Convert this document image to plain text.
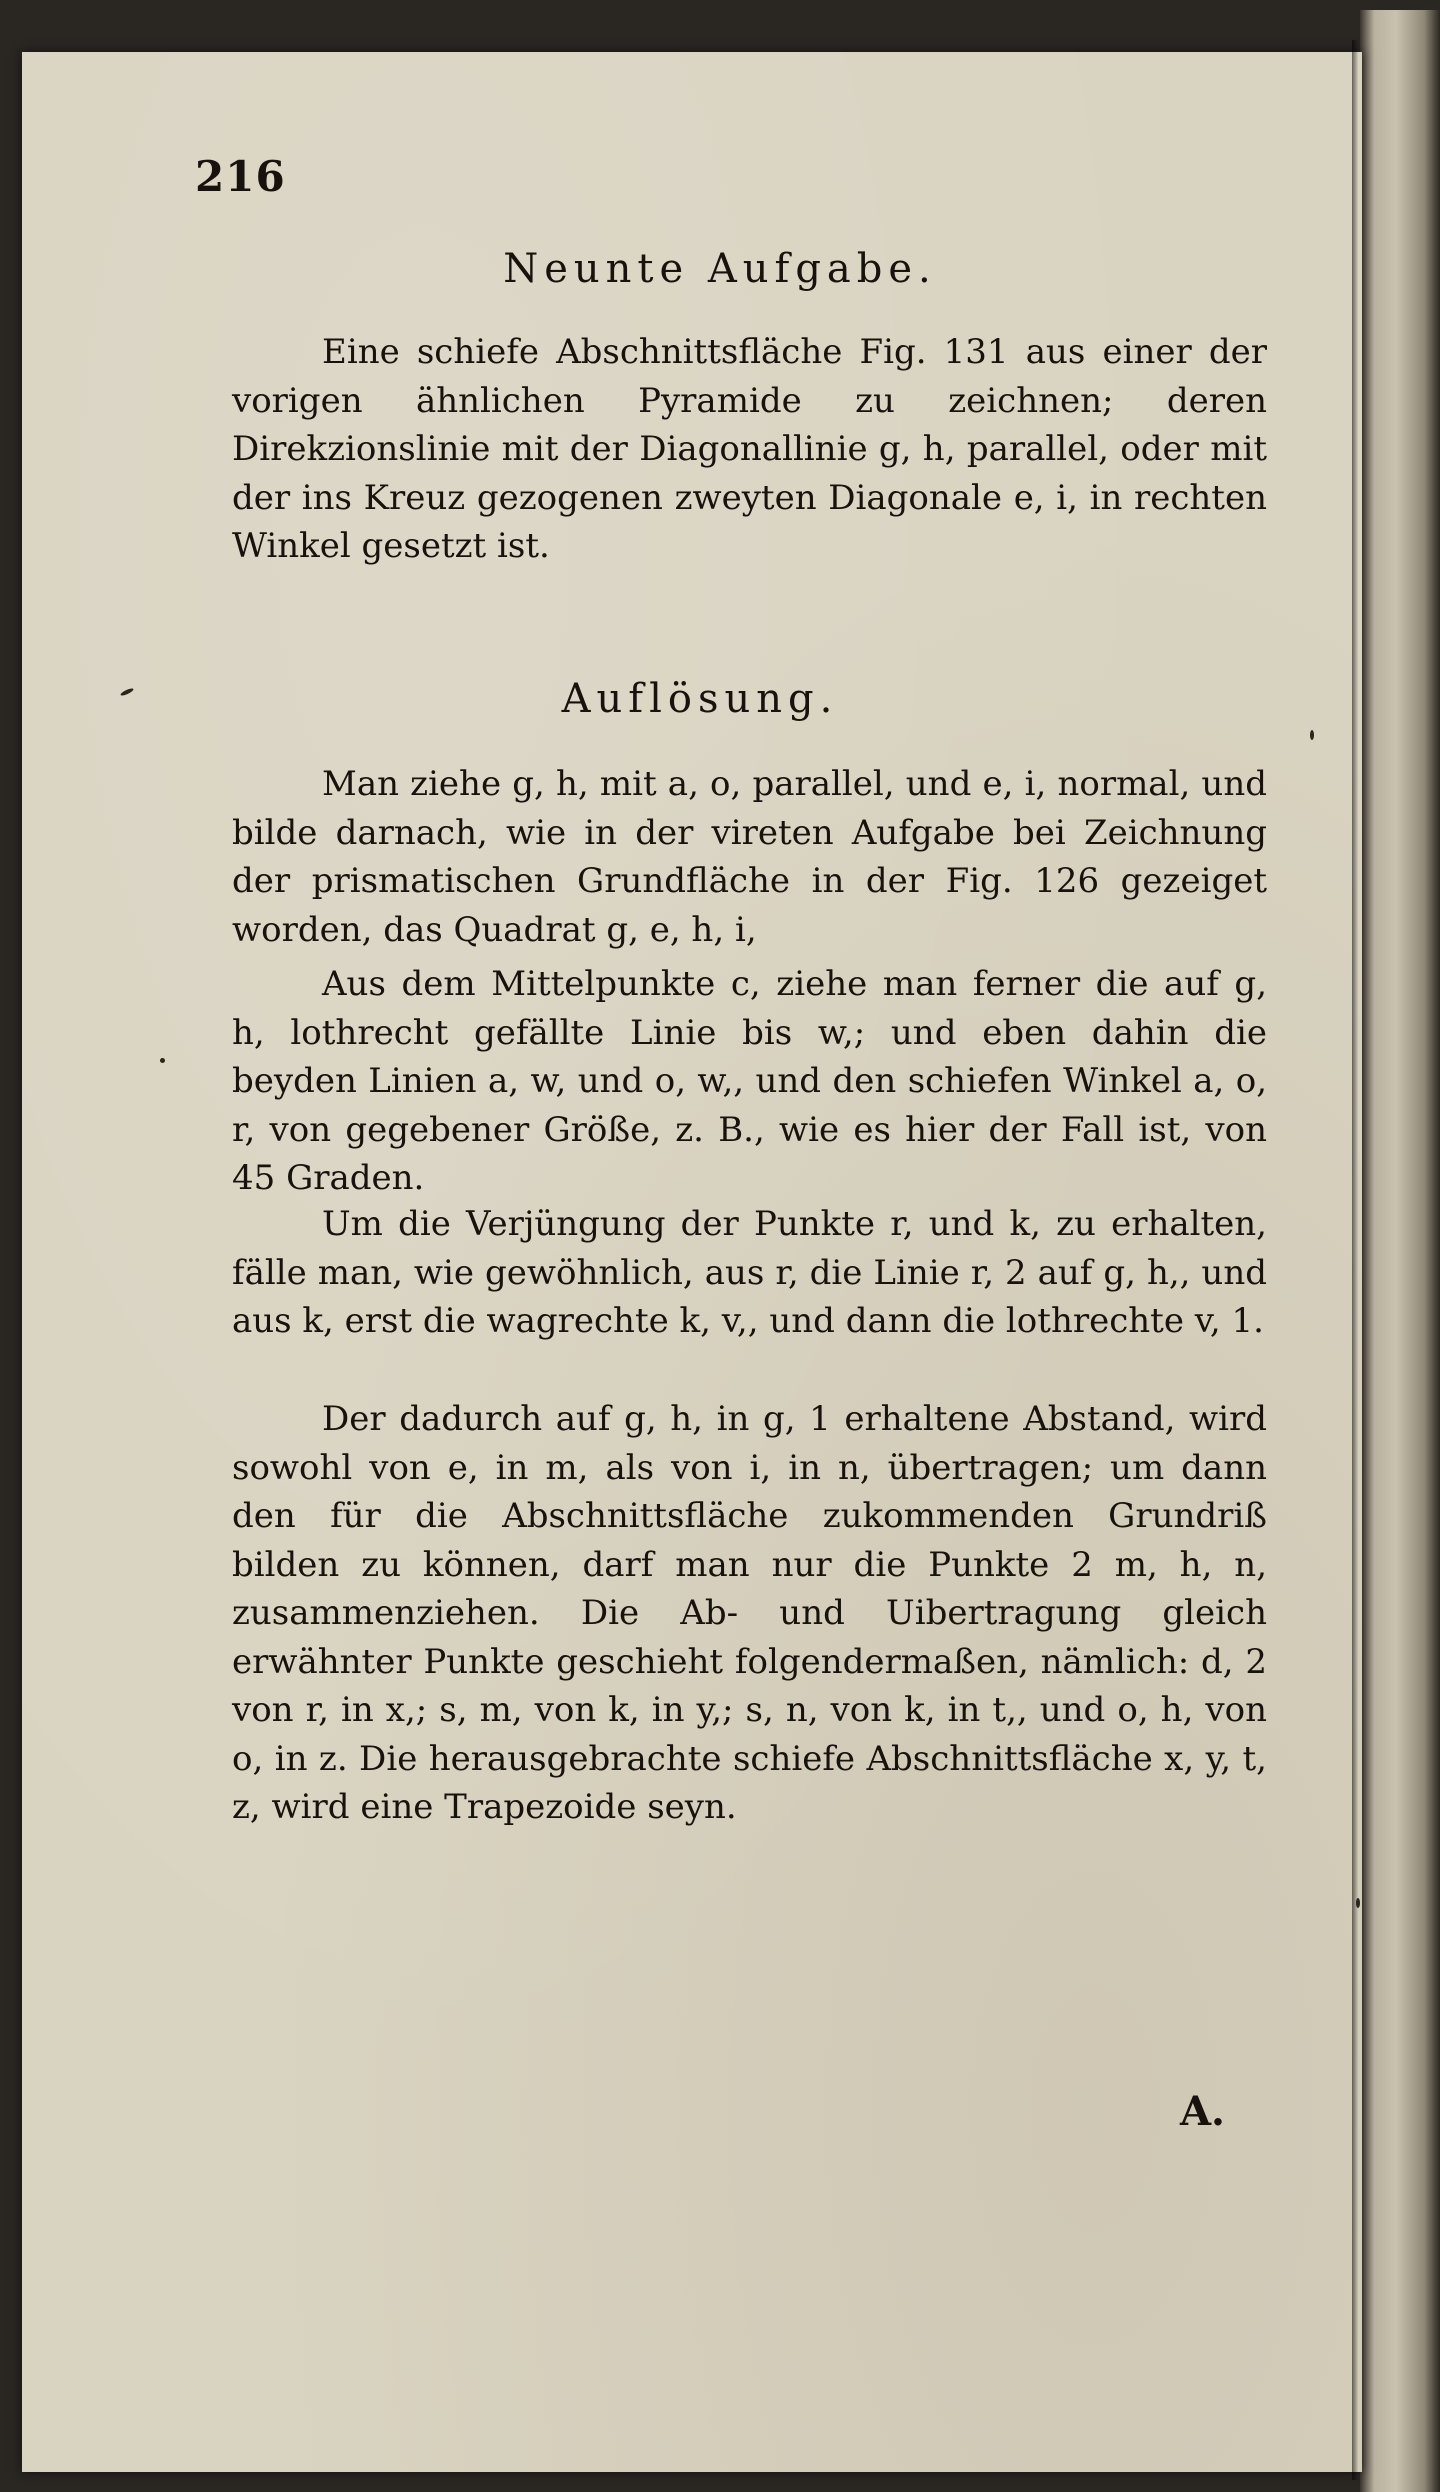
216
Neunte Aufgabe.

Eine schiefe Abschnittsfläche Fig. 131 aus einer der vorigen ähnlichen Pyramide zu zeichnen; deren Direkzionslinie mit der Diagonallinie g, h, parallel, oder mit der ins Kreuz gezogenen zweyten Diagonale e, i, in rechten Winkel gesetzt ist.

Auflösung.

Man ziehe g, h, mit a, o, parallel, und e, i, normal, und bilde darnach, wie in der vireten Aufgabe bei Zeichnung der prismatischen Grundfläche in der Fig. 126 gezeiget worden, das Quadrat g, e, h, i,

Aus dem Mittelpunkte c, ziehe man ferner die auf g, h, lothrecht gefällte Linie bis w,; und eben dahin die beyden Linien a, w, und o, w,, und den schiefen Winkel a, o, r, von gegebener Größe, z. B., wie es hier der Fall ist, von 45 Graden.

Um die Verjüngung der Punkte r, und k, zu erhalten, fälle man, wie gewöhnlich, aus r, die Linie r, 2 auf g, h,, und aus k, erst die wagrechte k, v,, und dann die lothrechte v, 1.

Der dadurch auf g, h, in g, 1 erhaltene Abstand, wird sowohl von e, in m, als von i, in n, übertragen; um dann den für die Abschnittsfläche zukommenden Grundriß bilden zu können, darf man nur die Punkte 2 m, h, n, zusammenziehen. Die Ab- und Uibertragung gleich erwähnter Punkte geschieht folgendermaßen, nämlich: d, 2 von r, in x,; s, m, von k, in y,; s, n, von k, in t,, und o, h, von o, in z. Die herausgebrachte schiefe Abschnittsfläche x, y, t, z, wird eine Trapezoide seyn.

A.
